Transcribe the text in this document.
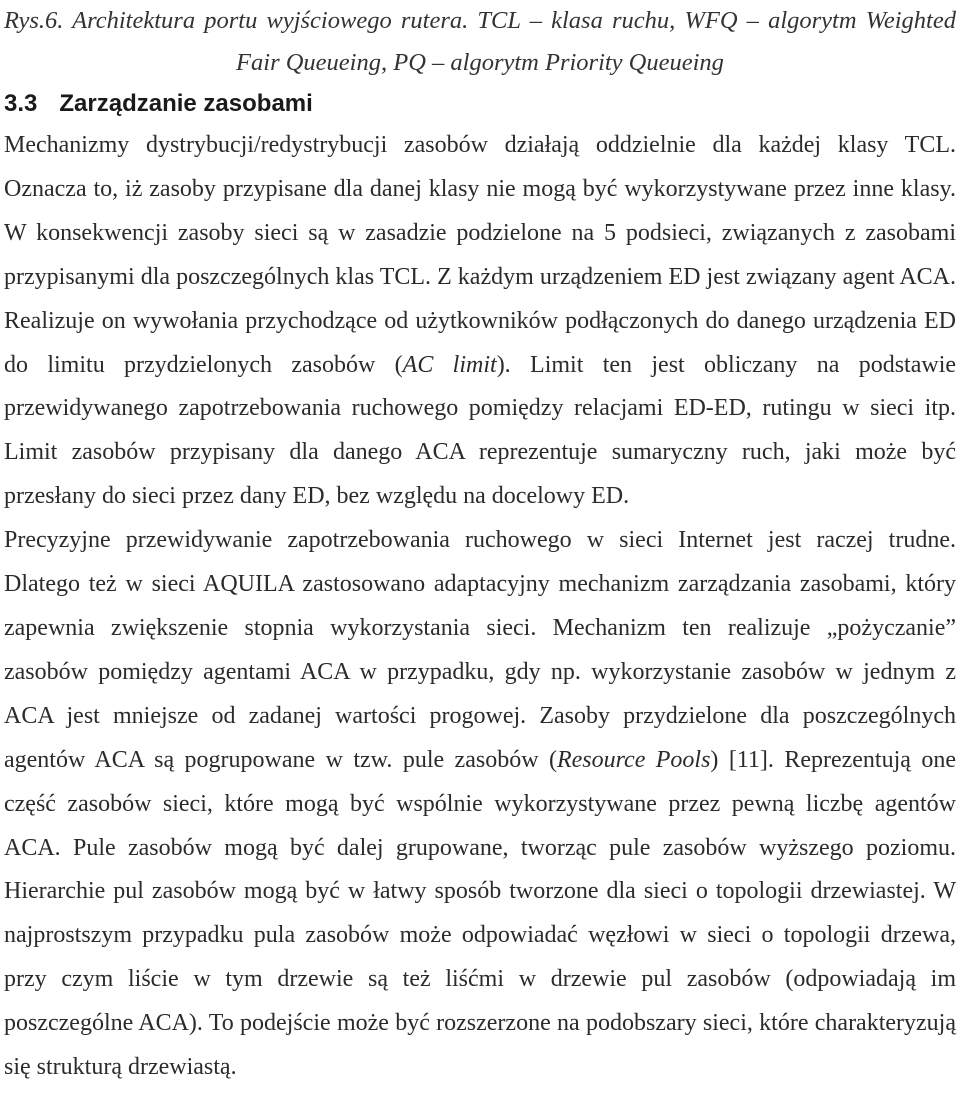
Rys.6. Architektura portu wyjściowego rutera. TCL – klasa ruchu, WFQ – algorytm Weighted Fair Queueing, PQ – algorytm Priority Queueing

3.3 Zarządzanie zasobami

Mechanizmy dystrybucji/redystrybucji zasobów działają oddzielnie dla każdej klasy TCL. Oznacza to, iż zasoby przypisane dla danej klasy nie mogą być wykorzystywane przez inne klasy. W konsekwencji zasoby sieci są w zasadzie podzielone na 5 podsieci, związanych z zasobami przypisanymi dla poszczególnych klas TCL. Z każdym urządzeniem ED jest związany agent ACA. Realizuje on wywołania przychodzące od użytkowników podłączonych do danego urządzenia ED do limitu przydzielonych zasobów (AC limit). Limit ten jest obliczany na podstawie przewidywanego zapotrzebowania ruchowego pomiędzy relacjami ED-ED, rutingu w sieci itp. Limit zasobów przypisany dla danego ACA reprezentuje sumaryczny ruch, jaki może być przesłany do sieci przez dany ED, bez względu na docelowy ED.

Precyzyjne przewidywanie zapotrzebowania ruchowego w sieci Internet jest raczej trudne. Dlatego też w sieci AQUILA zastosowano adaptacyjny mechanizm zarządzania zasobami, który zapewnia zwiększenie stopnia wykorzystania sieci. Mechanizm ten realizuje „pożyczanie” zasobów pomiędzy agentami ACA w przypadku, gdy np. wykorzystanie zasobów w jednym z ACA jest mniejsze od zadanej wartości progowej. Zasoby przydzielone dla poszczególnych agentów ACA są pogrupowane w tzw. pule zasobów (Resource Pools) [11]. Reprezentują one część zasobów sieci, które mogą być wspólnie wykorzystywane przez pewną liczbę agentów ACA. Pule zasobów mogą być dalej grupowane, tworząc pule zasobów wyższego poziomu. Hierarchie pul zasobów mogą być w łatwy sposób tworzone dla sieci o topologii drzewiastej. W najprostszym przypadku pula zasobów może odpowiadać węzłowi w sieci o topologii drzewa, przy czym liście w tym drzewie są też liśćmi w drzewie pul zasobów (odpowiadają im poszczególne ACA). To podejście może być rozszerzone na podobszary sieci, które charakteryzują się strukturą drzewiastą.
